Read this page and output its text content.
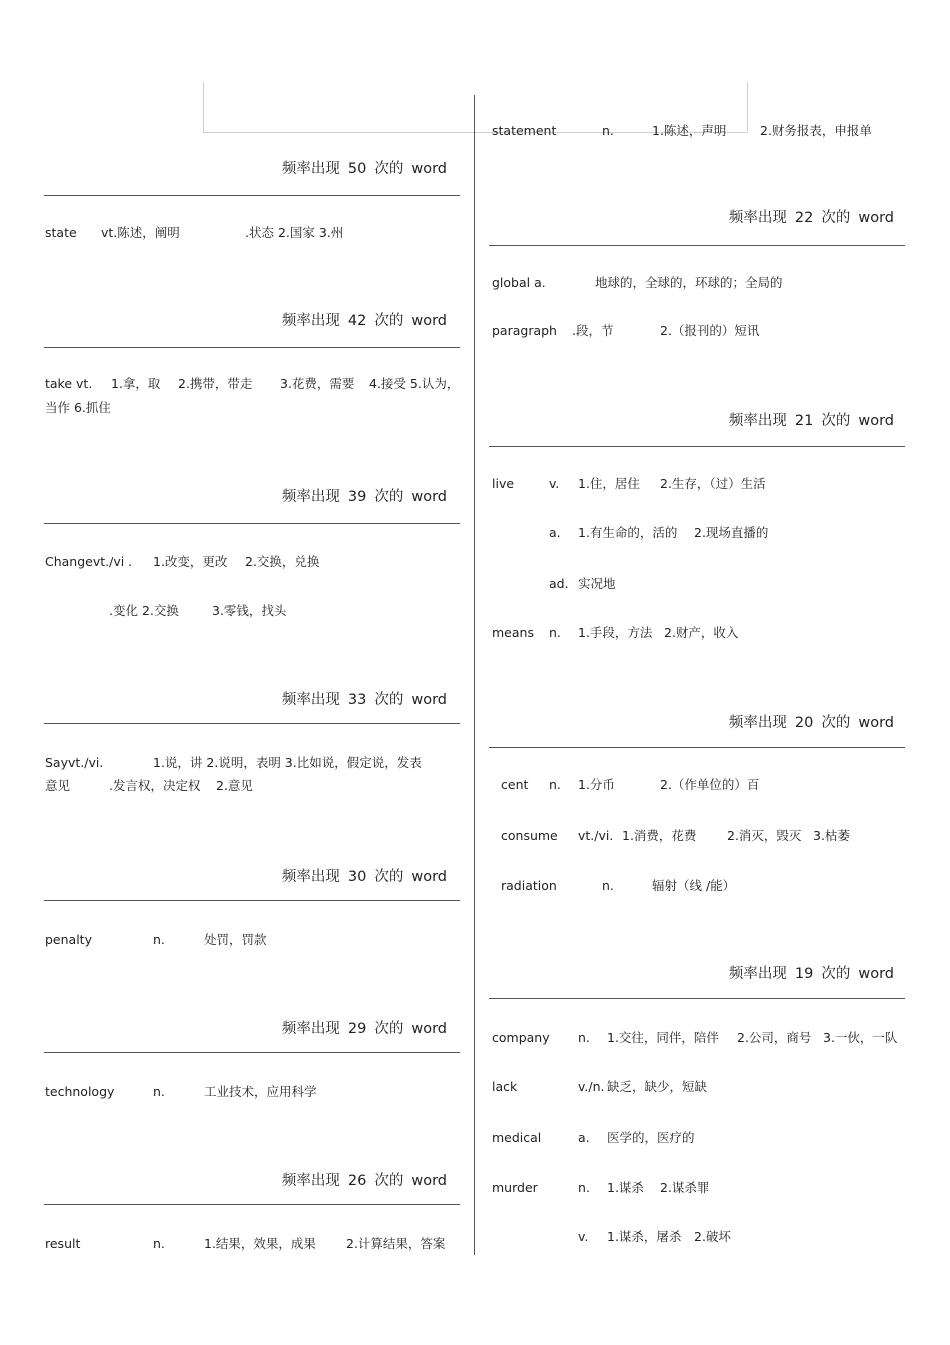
频率出现 50 次的 word
state vt.陈述，阐明	.状态 2.国家 3.州
频率出现 42 次的 word
take vt. 1.拿，取 2.携带，带走 3.花费，需要 4.接受 5.认为，
当作 6.抓住
频率出现 39 次的 word
Changevt./vi . 1.改变，更改 2.交换，兑换
.变化 2.交换	3.零钱，找头
频率出现 33 次的 word
Sayvt./vi.	1.说，讲 2.说明，表明 3.比如说，假定说，发表
意见	.发言权，决定权 2.意见
频率出现 30 次的 word
penalty	n.	处罚，罚款
频率出现 29 次的 word
technology	n.	工业技术，应用科学
频率出现 26 次的 word
result	n.	1.结果，效果，成果 2.计算结果，答案
statement	n.	1.陈述，声明	2.财务报表，申报单
频率出现 22 次的 word
global a.	地球的，全球的，环球的；全局的
paragraph .段，节	2.（报刊的）短讯
频率出现 21 次的 word
live	v. 1.住，居住 2.生存，（过）生活
a. 1.有生命的，活的 2.现场直播的
ad. 实况地
means n. 1.手段，方法 2.财产，收入
频率出现 20 次的 word
cent n. 1.分币	2.（作单位的）百
consume vt./vi. 1.消费，花费 2.消灭，毁灭 3.枯萎
radiation	n.	辐射（线 /能）
频率出现 19 次的 word
company n. 1.交往，同伴，陪伴 2.公司，商号 3.一伙，一队
lack	v./n. 缺乏，缺少，短缺
medical	a. 医学的，医疗的
murder	n. 1.谋杀 2.谋杀罪
v. 1.谋杀，屠杀 2.破坏
